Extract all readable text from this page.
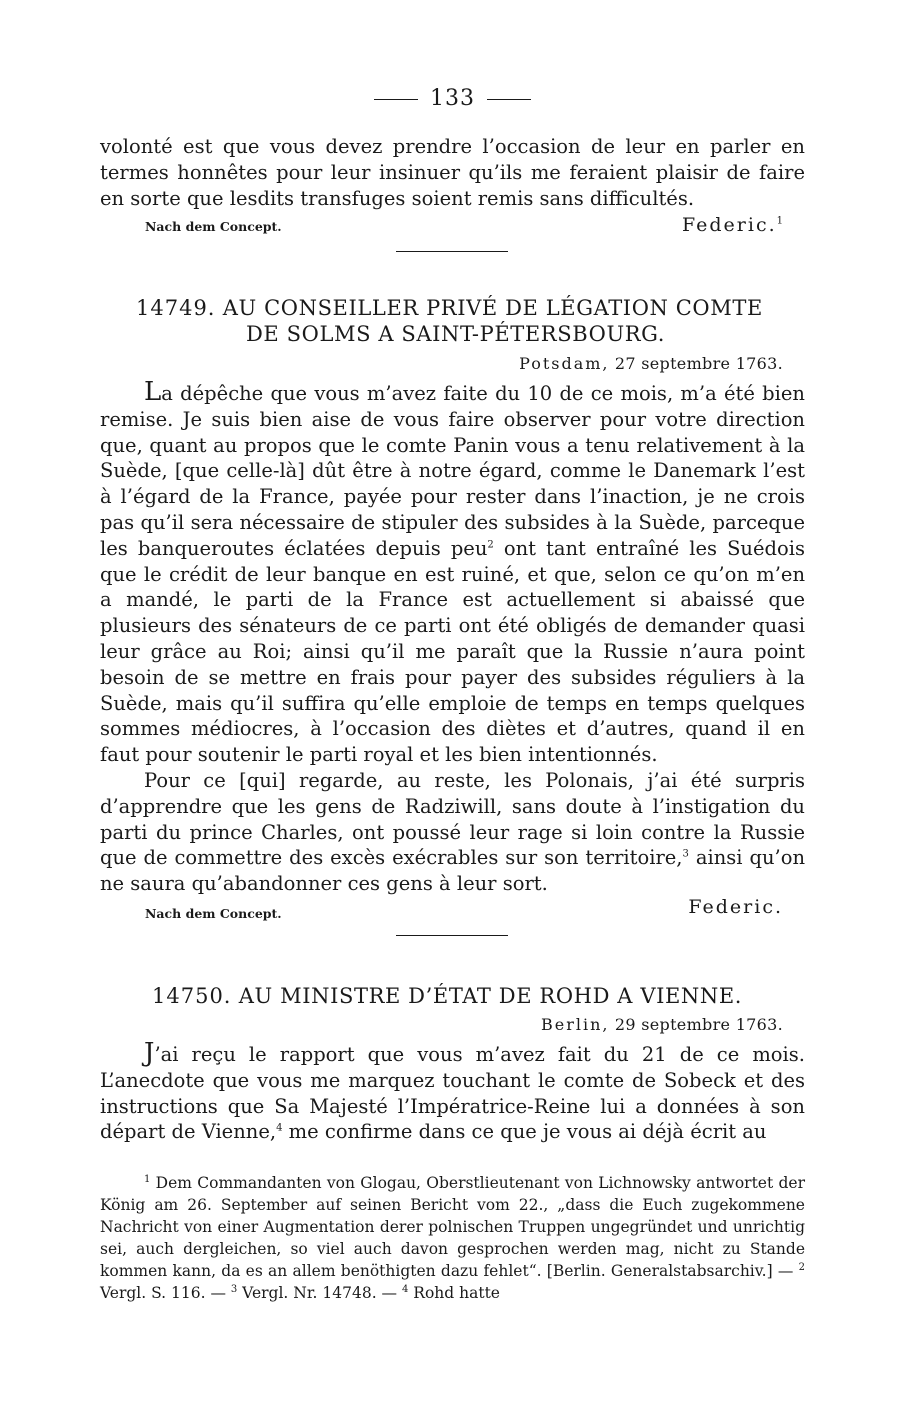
133

volonté est que vous devez prendre l’occasion de leur en parler en termes honnêtes pour leur insinuer qu’ils me feraient plaisir de faire en sorte que lesdits transfuges soient remis sans difficultés.

Nach dem Concept.	Federic.$^1$
14749. AU CONSEILLER PRIVÉ DE LÉGATION COMTE
DE SOLMS A SAINT-PÉTERSBOURG.
Potsdam, 27 septembre 1763.

La dépêche que vous m’avez faite du 10 de ce mois, m’a été bien remise. Je suis bien aise de vous faire observer pour votre direction que, quant au propos que le comte Panin vous a tenu relativement à la Suède, [que celle-là] dût être à notre égard, comme le Danemark l’est à l’égard de la France, payée pour rester dans l’inaction, je ne crois pas qu’il sera nécessaire de stipuler des subsides à la Suède, parceque les banqueroutes éclatées depuis peu$^2$ ont tant entraîné les Suédois que le crédit de leur banque en est ruiné, et que, selon ce qu’on m’en a mandé, le parti de la France est actuellement si abaissé que plusieurs des sénateurs de ce parti ont été obligés de demander quasi leur grâce au Roi; ainsi qu’il me paraît que la Russie n’aura point besoin de se mettre en frais pour payer des subsides réguliers à la Suède, mais qu’il suffira qu’elle emploie de temps en temps quelques sommes médiocres, à l’occasion des diètes et d’autres, quand il en faut pour soutenir le parti royal et les bien intentionnés.

Pour ce [qui] regarde, au reste, les Polonais, j’ai été surpris d’apprendre que les gens de Radziwill, sans doute à l’instigation du parti du prince Charles, ont poussé leur rage si loin contre la Russie que de commettre des excès exécrables sur son territoire,$^3$ ainsi qu’on ne saura qu’abandonner ces gens à leur sort.

Nach dem Concept.	Federic.
14750. AU MINISTRE D’ÉTAT DE ROHD A VIENNE.
Berlin, 29 septembre 1763.

J’ai reçu le rapport que vous m’avez fait du 21 de ce mois. L’anecdote que vous me marquez touchant le comte de Sobeck et des instructions que Sa Majesté l’Impératrice-Reine lui a données à son départ de Vienne,$^4$ me confirme dans ce que je vous ai déjà écrit au

$^1$ Dem Commandanten von Glogau, Oberstlieutenant von Lichnowsky antwortet der König am 26. September auf seinen Bericht vom 22., „dass die Euch zugekommene Nachricht von einer Augmentation derer polnischen Truppen ungegründet und unrichtig sei, auch dergleichen, so viel auch davon gesprochen werden mag, nicht zu Stande kommen kann, da es an allem benöthigten dazu fehlet“. [Berlin. Generalstabsarchiv.] — $^2$ Vergl. S. 116. — $^3$ Vergl. Nr. 14748. — $^4$ Rohd hatte
